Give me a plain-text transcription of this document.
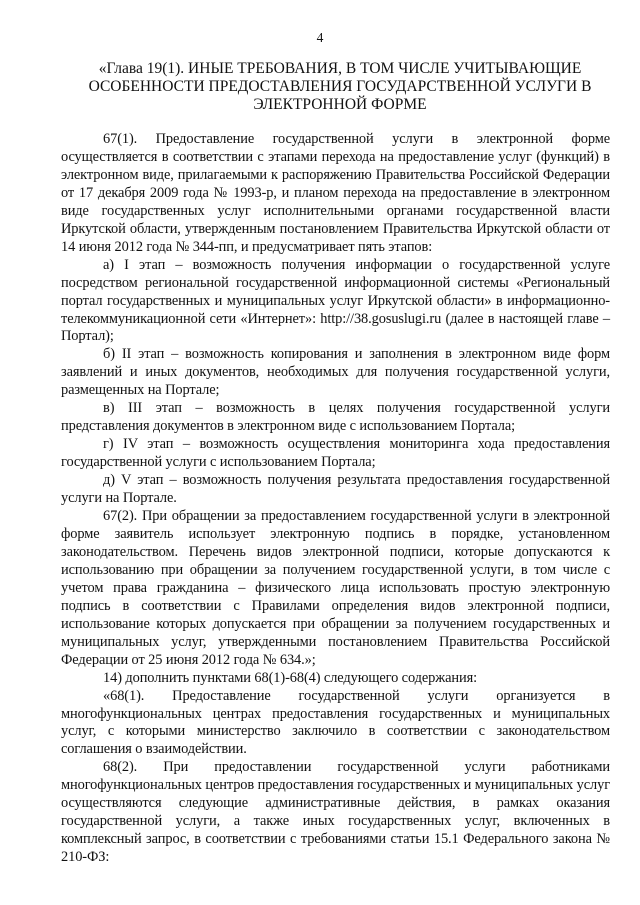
4
«Глава 19(1). ИНЫЕ ТРЕБОВАНИЯ, В ТОМ ЧИСЛЕ УЧИТЫВАЮЩИЕ
ОСОБЕННОСТИ ПРЕДОСТАВЛЕНИЯ ГОСУДАРСТВЕННОЙ УСЛУГИ В
ЭЛЕКТРОННОЙ ФОРМЕ

67(1). Предоставление государственной услуги в электронной форме осуществляется в соответствии с этапами перехода на предоставление услуг (функций) в электронном виде, прилагаемыми к распоряжению Правительства Российской Федерации от 17 декабря 2009 года № 1993-р, и планом перехода на предоставление в электронном виде государственных услуг исполнительными органами государственной власти Иркутской области, утвержденным постановлением Правительства Иркутской области от 14 июня 2012 года № 344-пп, и предусматривает пять этапов:

а) I этап – возможность получения информации о государственной услуге посредством региональной государственной информационной системы «Региональный портал государственных и муниципальных услуг Иркутской области» в информационно-телекоммуникационной сети «Интернет»: http://38.gosuslugi.ru (далее в настоящей главе – Портал);

б) II этап – возможность копирования и заполнения в электронном виде форм заявлений и иных документов, необходимых для получения государственной услуги, размещенных на Портале;

в) III этап – возможность в целях получения государственной услуги представления документов в электронном виде с использованием Портала;

г) IV этап – возможность осуществления мониторинга хода предоставления государственной услуги с использованием Портала;

д) V этап – возможность получения результата предоставления государственной услуги на Портале.

67(2). При обращении за предоставлением государственной услуги в электронной форме заявитель использует электронную подпись в порядке, установленном законодательством. Перечень видов электронной подписи, которые допускаются к использованию при обращении за получением государственной услуги, в том числе с учетом права гражданина – физического лица использовать простую электронную подпись в соответствии с Правилами определения видов электронной подписи, использование которых допускается при обращении за получением государственных и муниципальных услуг, утвержденными постановлением Правительства Российской Федерации от 25 июня 2012 года № 634.»;

14) дополнить пунктами 68(1)-68(4) следующего содержания:

«68(1). Предоставление государственной услуги организуется в многофункциональных центрах предоставления государственных и муниципальных услуг, с которыми министерство заключило в соответствии с законодательством соглашения о взаимодействии.

68(2). При предоставлении государственной услуги работниками многофункциональных центров предоставления государственных и муниципальных услуг осуществляются следующие административные действия, в рамках оказания государственной услуги, а также иных государственных услуг, включенных в комплексный запрос, в соответствии с требованиями статьи 15.1 Федерального закона № 210-ФЗ:
